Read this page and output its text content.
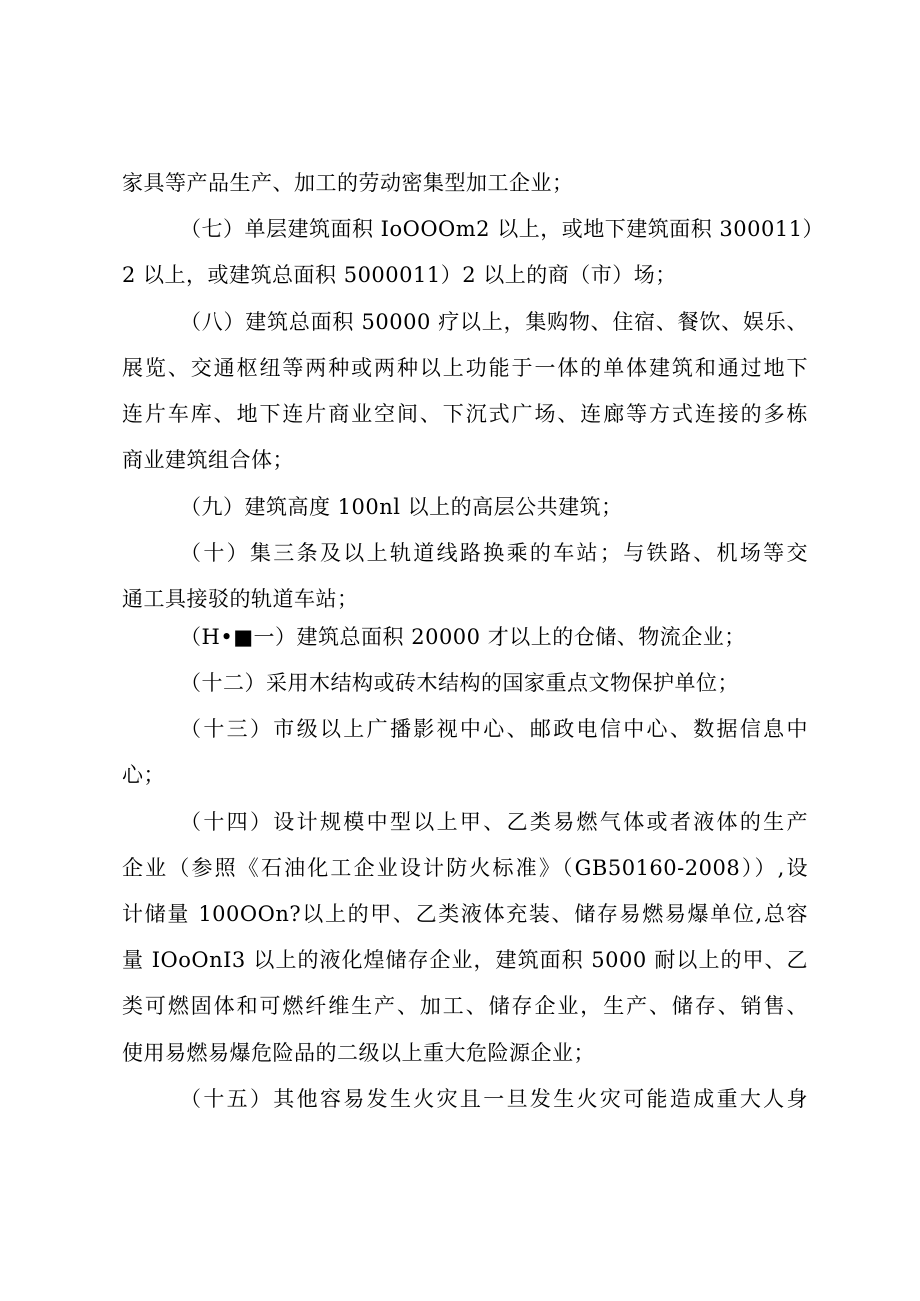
家具等产品生产、加工的劳动密集型加工企业；
（七）单层建筑面积 IoOOOm2 以上，或地下建筑面积 300011）
2 以上，或建筑总面积 5000011）2 以上的商（市）场；
（八）建筑总面积 50000 疗以上，集购物、住宿、餐饮、娱乐、
展览、交通枢纽等两种或两种以上功能于一体的单体建筑和通过地下
连片车库、地下连片商业空间、下沉式广场、连廊等方式连接的多栋
商业建筑组合体；
（九）建筑高度 100nl 以上的高层公共建筑；
（十）集三条及以上轨道线路换乘的车站；与铁路、机场等交
通工具接驳的轨道车站；
（H•■一）建筑总面积 20000 才以上的仓储、物流企业；
（十二）采用木结构或砖木结构的国家重点文物保护单位；
（十三）市级以上广播影视中心、邮政电信中心、数据信息中
心；
（十四）设计规模中型以上甲、乙类易燃气体或者液体的生产
企业（参照《石油化工企业设计防火标准》（GB50160-2008））,设
计储量 100OOn?以上的甲、乙类液体充装、储存易燃易爆单位,总容
量 IOoOnI3 以上的液化煌储存企业，建筑面积 5000 耐以上的甲、乙
类可燃固体和可燃纤维生产、加工、储存企业，生产、储存、销售、
使用易燃易爆危险品的二级以上重大危险源企业；
（十五）其他容易发生火灾且一旦发生火灾可能造成重大人身
